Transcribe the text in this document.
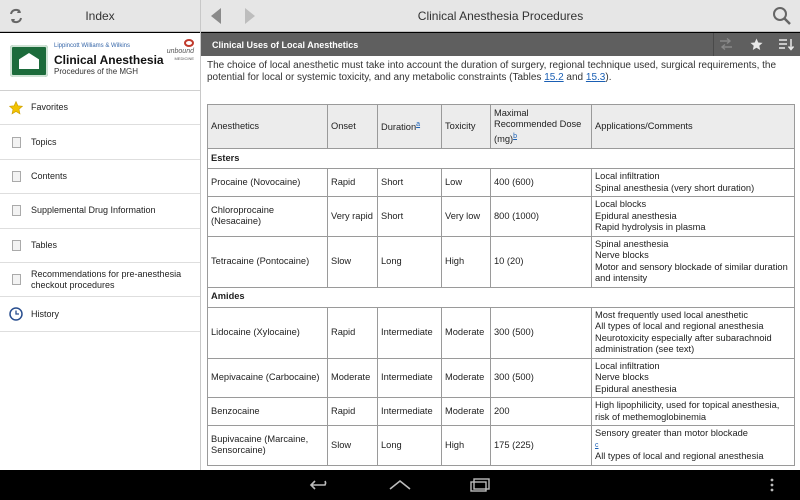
Index	Clinical Anesthesia Procedures
Lippincott Williams & Wilkins

unbound
MEDICINE
Clinical Anesthesia
Procedures of the MGH
Favorites
Topics
Contents
Supplemental Drug Information
Tables
Recommendations for pre-anesthesia checkout procedures
History
Clinical Uses of Local Anesthetics
The choice of local anesthetic must take into account the duration of surgery, regional technique used, surgical requirements, the potential for local or systemic toxicity, and any metabolic constraints (Tables 15.2 and 15.3).
Anesthetics	Onset	Duration$^a$	Toxicity	Maximal Recommended Dose (mg)$^b$	Applications/Comments
Esters					
Procaine (Novocaine)	Rapid	Short	Low	400 (600)	Local infiltration
Spinal anesthesia (very short duration)

Chloroprocaine (Nesacaine)	Very rapid	Short	Very low	800 (1000)	Local blocks
Epidural anesthesia
Rapid hydrolysis in plasma

Tetracaine (Pontocaine)	Slow	Long	High	10 (20)	Spinal anesthesia
Nerve blocks
Motor and sensory blockade of similar duration and intensity

Amides					
Lidocaine (Xylocaine)	Rapid	Intermediate	Moderate	300 (500)	Most frequently used local anesthetic
All types of local and regional anesthesia
Neurotoxicity especially after subarachnoid administration (see text)

Mepivacaine (Carbocaine)	Moderate	Intermediate	Moderate	300 (500)	Local infiltration
Nerve blocks
Epidural anesthesia

Benzocaine	Rapid	Intermediate	Moderate	200	High lipophilicity, used for topical anesthesia, risk of methemoglobinemia

Bupivacaine (Marcaine, Sensorcaine)	Slow	Long	High	175 (225)	Sensory greater than motor blockade
c
All types of local and regional anesthesia
